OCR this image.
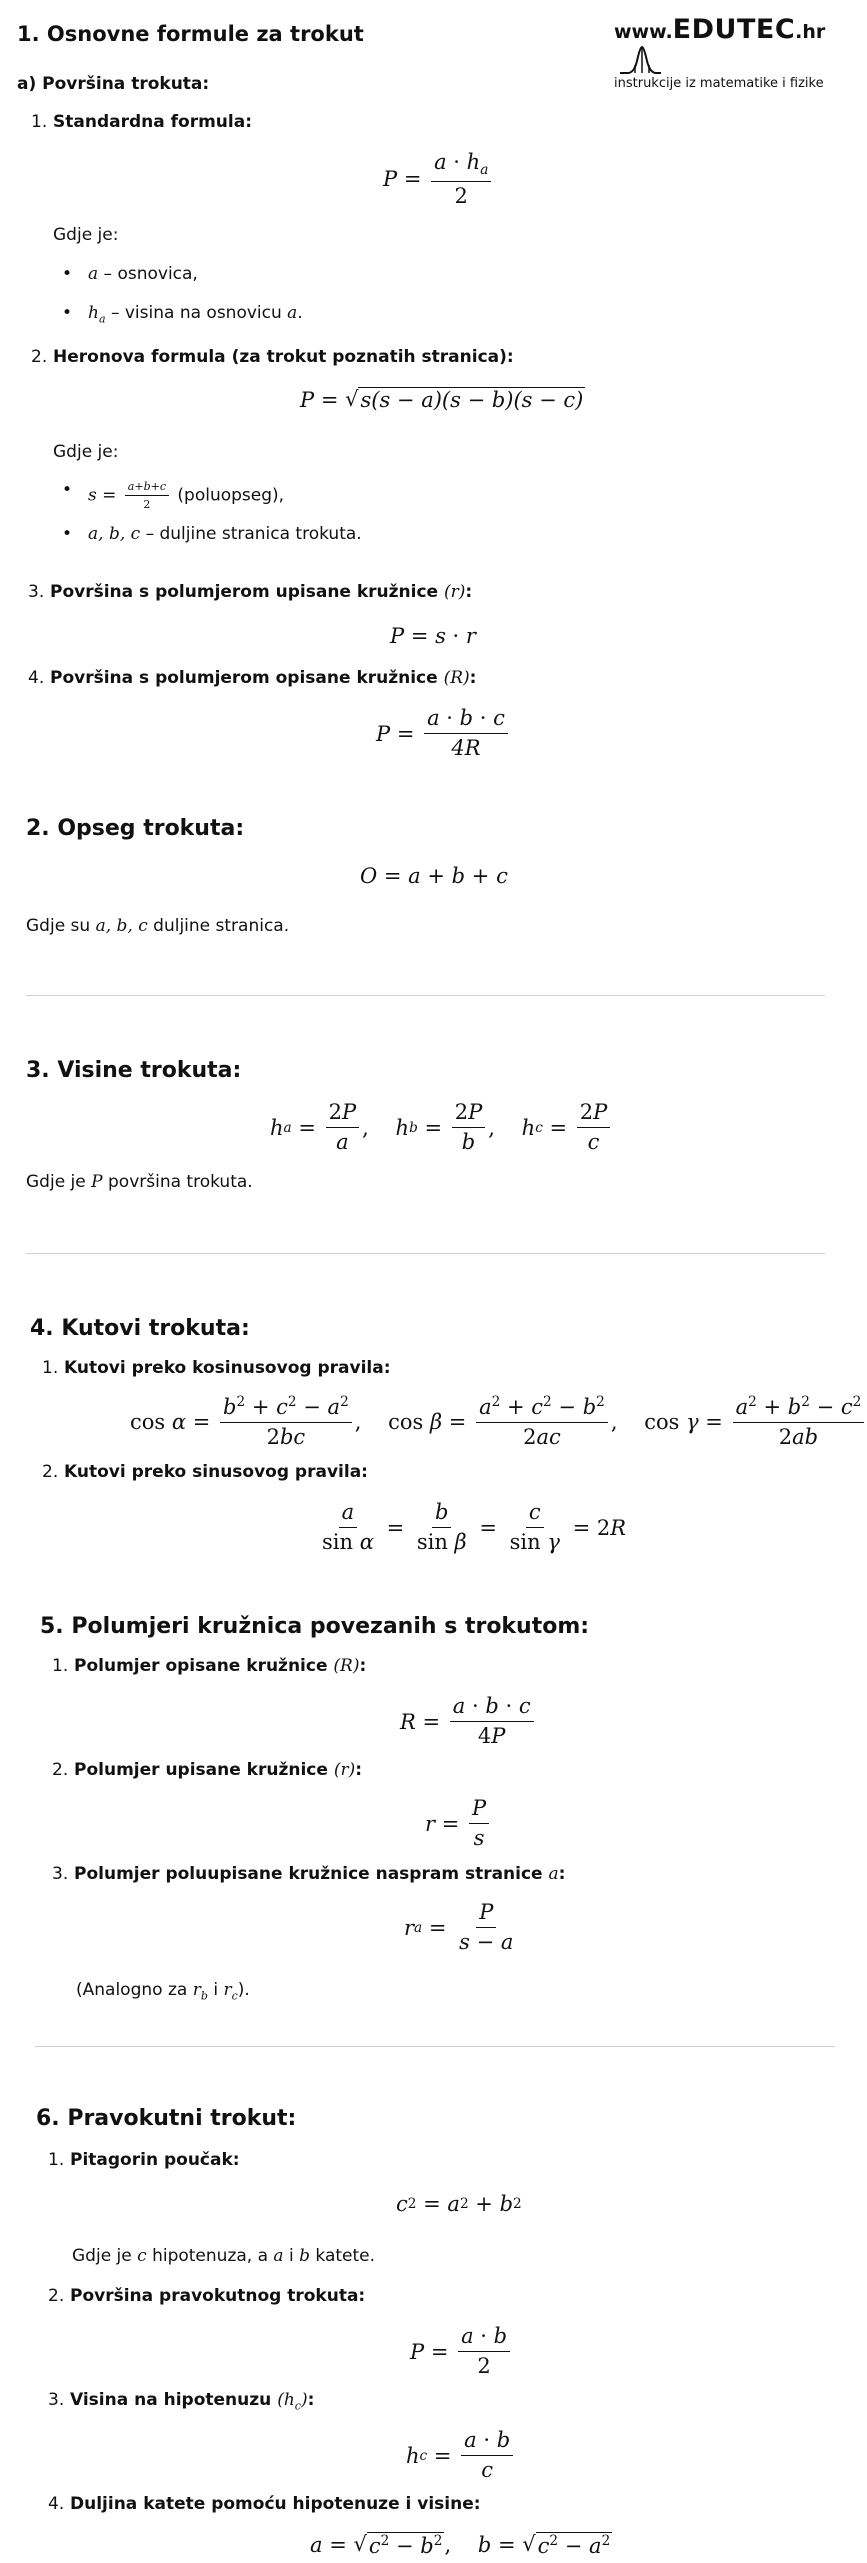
www.EDUTEC.hr
instrukcije iz matematike i fizike
1. Osnovne formule za trokut
a) Površina trokuta:
1. Standardna formula:
$P = \frac{a \cdot h_a}{2}$
Gdje je:
• a – osnovica,
• $h_a$ – visina na osnovicu a.
2. Heronova formula (za trokut poznatih stranica):
P = √ s(s − a)(s − b)(s − c)
Gdje je:
• $s = \frac{a+b+c}{2}$ (poluopseg),
• a, b, c – duljine stranica trokuta.
3. Površina s polumjerom upisane kružnice (r):
P = s · r
4. Površina s polumjerom opisane kružnice (R):
$P = \frac{a \cdot b \cdot c}{4R}$
2. Opseg trokuta:
O = a + b + c
Gdje su a, b, c duljine stranica.
3. Visine trokuta:
h $a = \frac{2P}{a}$ , h $b = \frac{2P}{b}$ , h $c = \frac{2P}{c}$
Gdje je P površina trokuta.
4. Kutovi trokuta:
1. Kutovi preko kosinusovog pravila:
$\cos \alpha = \frac{b^2 + c^2 - a^2}{2bc}$ ,    $\cos \beta = \frac{a^2 + c^2 - b^2}{2ac}$ ,    $\cos \gamma = \frac{a^2 + b^2 - c^2}{2ab}$
2. Kutovi preko sinusovog pravila:
$\frac{a}{\text{sin α}} = \frac{b}{\text{sin β}} = \frac{c}{\text{sin γ}} = 2$ R
5. Polumjeri kružnica povezanih s trokutom:
1. Polumjer opisane kružnice (R):
$R = \frac{a \cdot b \cdot c}{4P}$
2. Polumjer upisane kružnice (r):
$r = \frac{P}{s}$
3. Polumjer poluupisane kružnice naspram stranice a:
r $a = \frac{P}{s - a}$
(Analogno za $r_b$ i $r_c$).
6. Pravokutni trokut:
1. Pitagorin poučak:
c 2 = a 2 + b 2
Gdje je c hipotenuza, a a i b katete.
2. Površina pravokutnog trokuta:
$P = \frac{a \cdot b}{2}$
3. Visina na hipotenuzu $(h_c)$:
h $c = \frac{a \cdot b}{c}$
4. Duljina katete pomoću hipotenuze i visine:
a = √ $c^2 - b^2$ , b = √ $c^2 - a^2$
